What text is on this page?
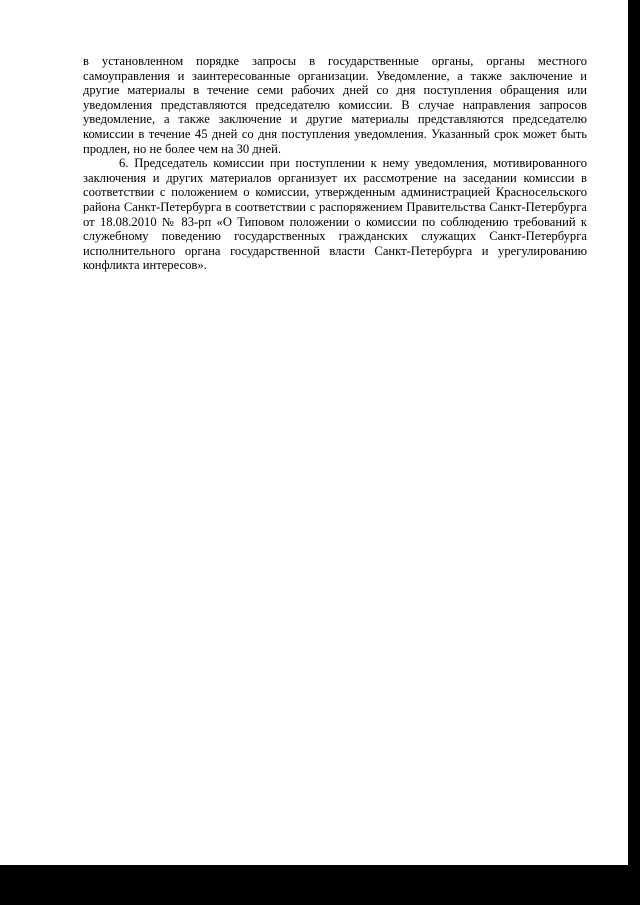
в установленном порядке запросы в государственные органы, органы местного самоуправления и заинтересованные организации. Уведомление, а также заключение и другие материалы в течение семи рабочих дней со дня поступления обращения или уведомления представляются председателю комиссии. В случае направления запросов уведомление, а также заключение и другие материалы представляются председателю комиссии в течение 45 дней со дня поступления уведомления. Указанный срок может быть продлен, но не более чем на 30 дней.

6. Председатель комиссии при поступлении к нему уведомления, мотивированного заключения и других материалов организует их рассмотрение на заседании комиссии в соответствии с положением о комиссии, утвержденным администрацией Красносельского района Санкт-Петербурга в соответствии с распоряжением Правительства Санкт-Петербурга от 18.08.2010 № 83-рп «О Типовом положении о комиссии по соблюдению требований к служебному поведению государственных гражданских служащих Санкт-Петербурга исполнительного органа государственной власти Санкт-Петербурга и урегулированию конфликта интересов».
